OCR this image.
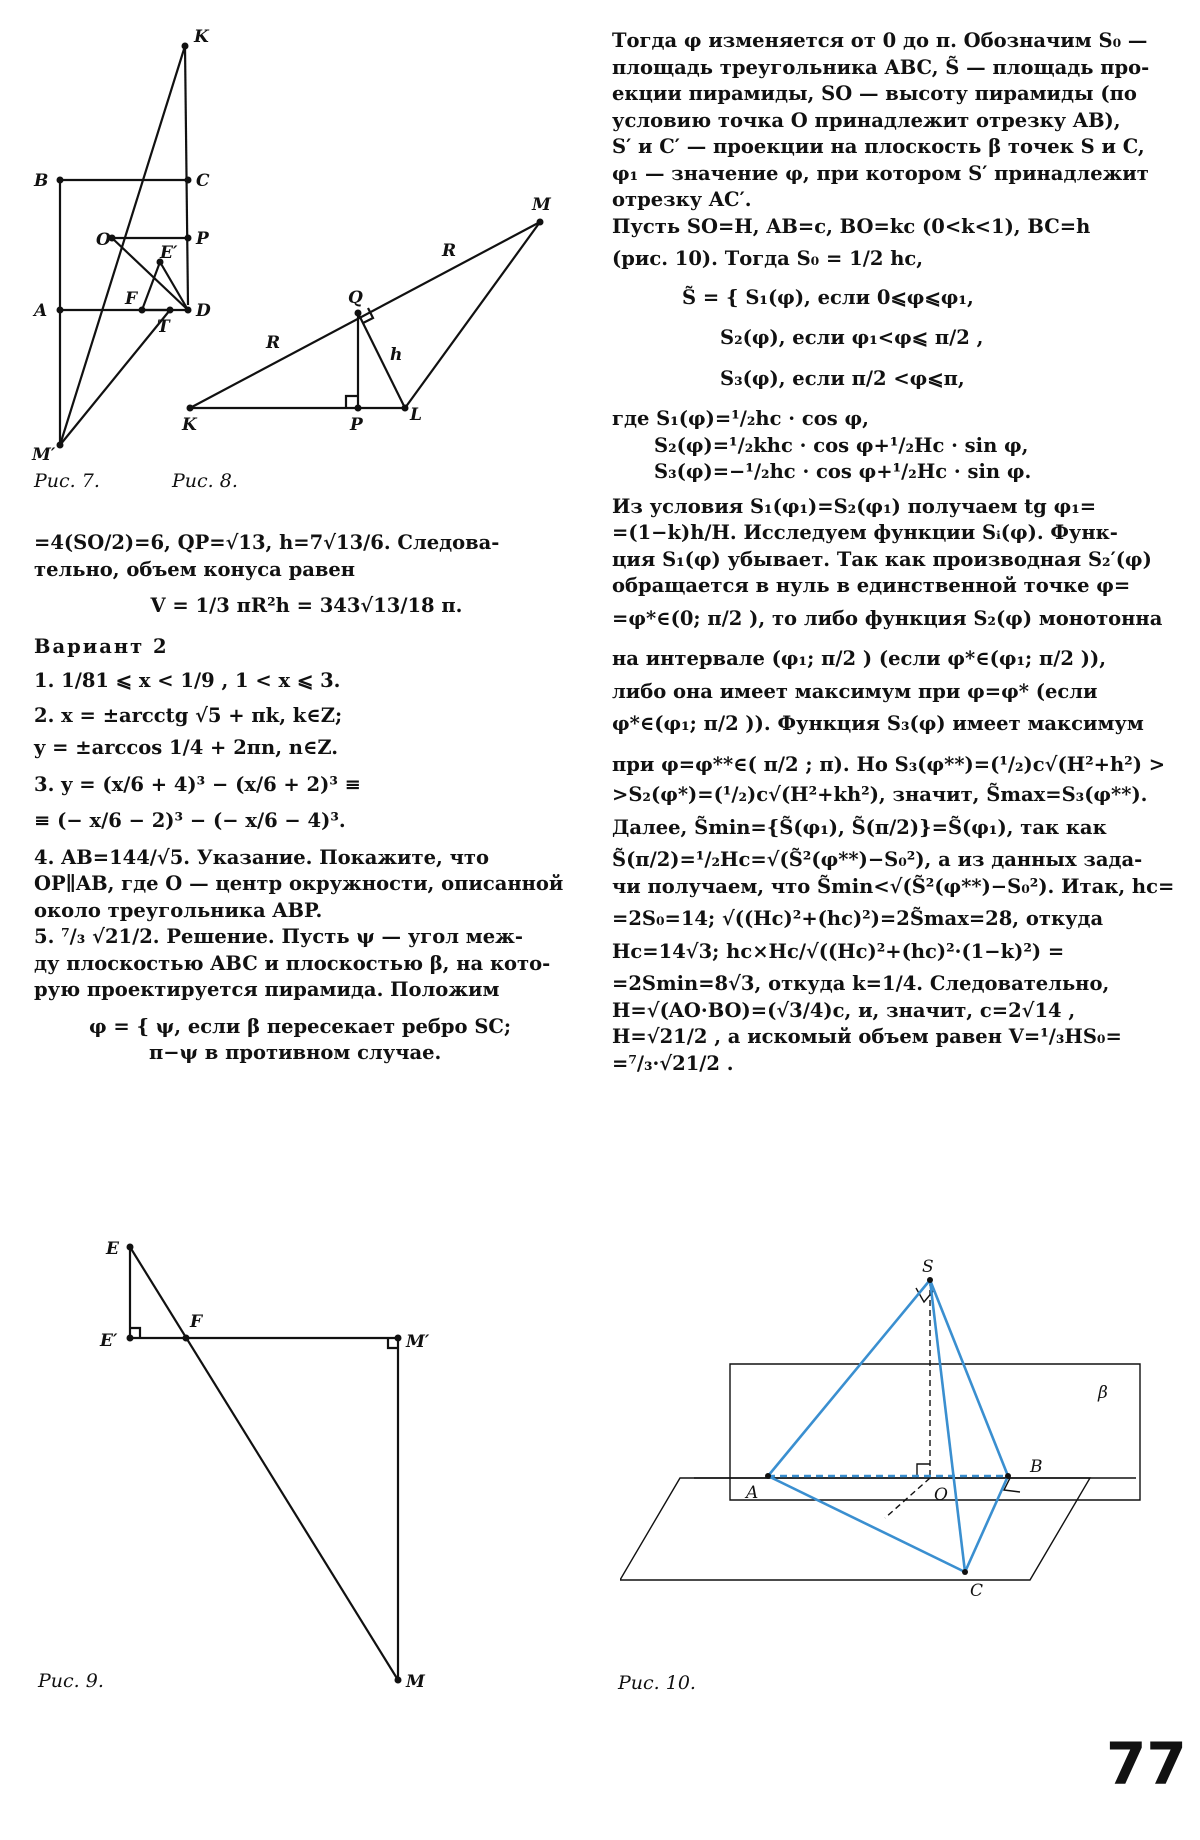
K
B	C
O	P
E′
A
F
D
T
M′
M
R
Q
R
h
K	P	L
Рис. 7.	Рис. 8.

=4(SO/2)=6, QP=√13, h=7√13/6. Следова-

тельно, объем конуса равен

V = 1/3 πR²h = 343√13/18 π.

Вариант 2

1. 1/81 ⩽ x < 1/9 , 1 < x ⩽ 3.

2. x = ±arcctg √5 + πk, k∈Z;

y = ±arccos 1/4 + 2πn, n∈Z.

3. y = (x/6 + 4)³ − (x/6 + 2)³ ≡

≡ (− x/6 − 2)³ − (− x/6 − 4)³.

4. AB=144/√5. Указание. Покажите, что

OP∥AB, где O — центр окружности, описанной

около треугольника ABP.

5. ⁷/₃ √21/2. Решение. Пусть ψ — угол меж-

ду плоскостью ABC и плоскостью β, на кото-

рую проектируется пирамида. Положим

φ = { ψ, если β пересекает ребро SC;

π−ψ в противном случае.

Тогда φ изменяется от 0 до π. Обозначим S₀ —

площадь треугольника ABC, S̃ — площадь про-

екции пирамиды, SO — высоту пирамиды (по

условию точка O принадлежит отрезку AB),

S′ и C′ — проекции на плоскость β точек S и C,

φ₁ — значение φ, при котором S′ принадлежит

отрезку AC′.

Пусть SO=H, AB=c, BO=kc (0<k<1), BC=h

(рис. 10). Тогда S₀ = 1/2 hc,

S̃ = { S₁(φ), если 0⩽φ⩽φ₁,

S₂(φ), если φ₁<φ⩽ π/2 ,

S₃(φ), если π/2 <φ⩽π,

где S₁(φ)=¹/₂hc · cos φ,

S₂(φ)=¹/₂khc · cos φ+¹/₂Hc · sin φ,

S₃(φ)=−¹/₂hc · cos φ+¹/₂Hc · sin φ.

Из условия S₁(φ₁)=S₂(φ₁) получаем tg φ₁=

=(1−k)h/H. Исследуем функции Sᵢ(φ). Функ-

ция S₁(φ) убывает. Так как производная S₂′(φ)

обращается в нуль в единственной точке φ=

=φ*∈(0; π/2 ), то либо функция S₂(φ) монотонна

на интервале (φ₁; π/2 ) (если φ*∈(φ₁; π/2 )),

либо она имеет максимум при φ=φ* (если

φ*∈(φ₁; π/2 )). Функция S₃(φ) имеет максимум

при φ=φ**∈( π/2 ; π). Но S₃(φ**)=(¹/₂)c√(H²+h²) >

>S₂(φ*)=(¹/₂)c√(H²+kh²), значит, S̃max=S₃(φ**).

Далее, S̃min={S̃(φ₁), S̃(π/2)}=S̃(φ₁), так как

S̃(π/2)=¹/₂Hc=√(S̃²(φ**)−S₀²), а из данных зада-

чи получаем, что S̃min<√(S̃²(φ**)−S₀²). Итак, hc=

=2S₀=14; √((Hc)²+(hc)²)=2S̃max=28, откуда

Hc=14√3; hc×Hc/√((Hc)²+(hc)²·(1−k)²) =

=2Smin=8√3, откуда k=1/4. Следовательно,

H=√(AO·BO)=(√3/4)c, и, значит, c=2√14 ,

H=√21/2 , а искомый объем равен V=¹/₃HS₀=

=⁷/₃·√21/2 .

E
E′
F
M′
M
Рис. 9.
S
β
A	O
B
C
Рис. 10.
77
